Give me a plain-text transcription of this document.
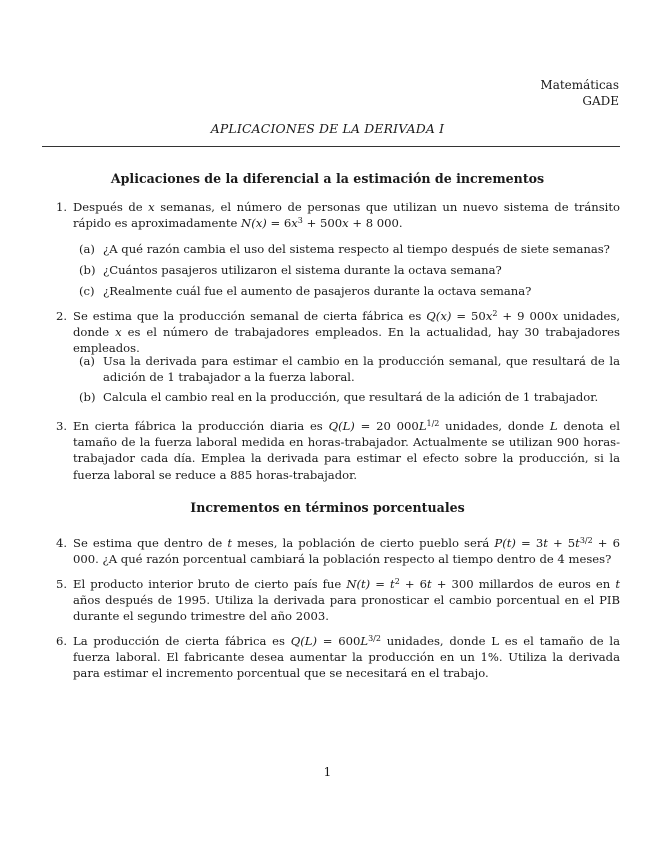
Matemáticas
GADE
APLICACIONES DE LA DERIVADA I
Aplicaciones de la diferencial a la estimación de incrementos
1. Después de x semanas, el número de personas que utilizan un nuevo sistema de tránsito rápido es aproximadamente $N(x) = 6x^3 + 500x + 8$ 000.
(a) ¿A qué razón cambia el uso del sistema respecto al tiempo después de siete semanas?
(b) ¿Cuántos pasajeros utilizaron el sistema durante la octava semana?
(c) ¿Realmente cuál fue el aumento de pasajeros durante la octava semana?
2. Se estima que la producción semanal de cierta fábrica es $Q(x) = 50x^2 + 9$ 000x unidades, donde x es el número de trabajadores empleados. En la actualidad, hay 30 trabajadores empleados.
(a) Usa la derivada para estimar el cambio en la producción semanal, que resultará de la adición de 1 trabajador a la fuerza laboral.
(b) Calcula el cambio real en la producción, que resultará de la adición de 1 trabajador.
3. En cierta fábrica la producción diaria es Q(L) = 20 $000L^{1/2}$ unidades, donde L denota el tamaño de la fuerza laboral medida en horas-trabajador. Actualmente se utilizan 900 horas-trabajador cada día. Emplea la derivada para estimar el efecto sobre la producción, si la fuerza laboral se reduce a 885 horas-trabajador.
Incrementos en términos porcentuales
4. Se estima que dentro de t meses, la población de cierto pueblo será $P(t) = 3t + 5t^{3/2} + 6$ 000. ¿A qué razón porcentual cambiará la población respecto al tiempo dentro de 4 meses?
5. El producto interior bruto de cierto país fue $N(t) = t^2 + 6t + 300$ millardos de euros en t años después de 1995. Utiliza la derivada para pronosticar el cambio porcentual en el PIB durante el segundo trimestre del año 2003.
6. La producción de cierta fábrica es $Q(L) = 600L^{3/2}$ unidades, donde L es el tamaño de la fuerza laboral. El fabricante desea aumentar la producción en un 1%. Utiliza la derivada para estimar el incremento porcentual que se necesitará en el trabajo.
1
